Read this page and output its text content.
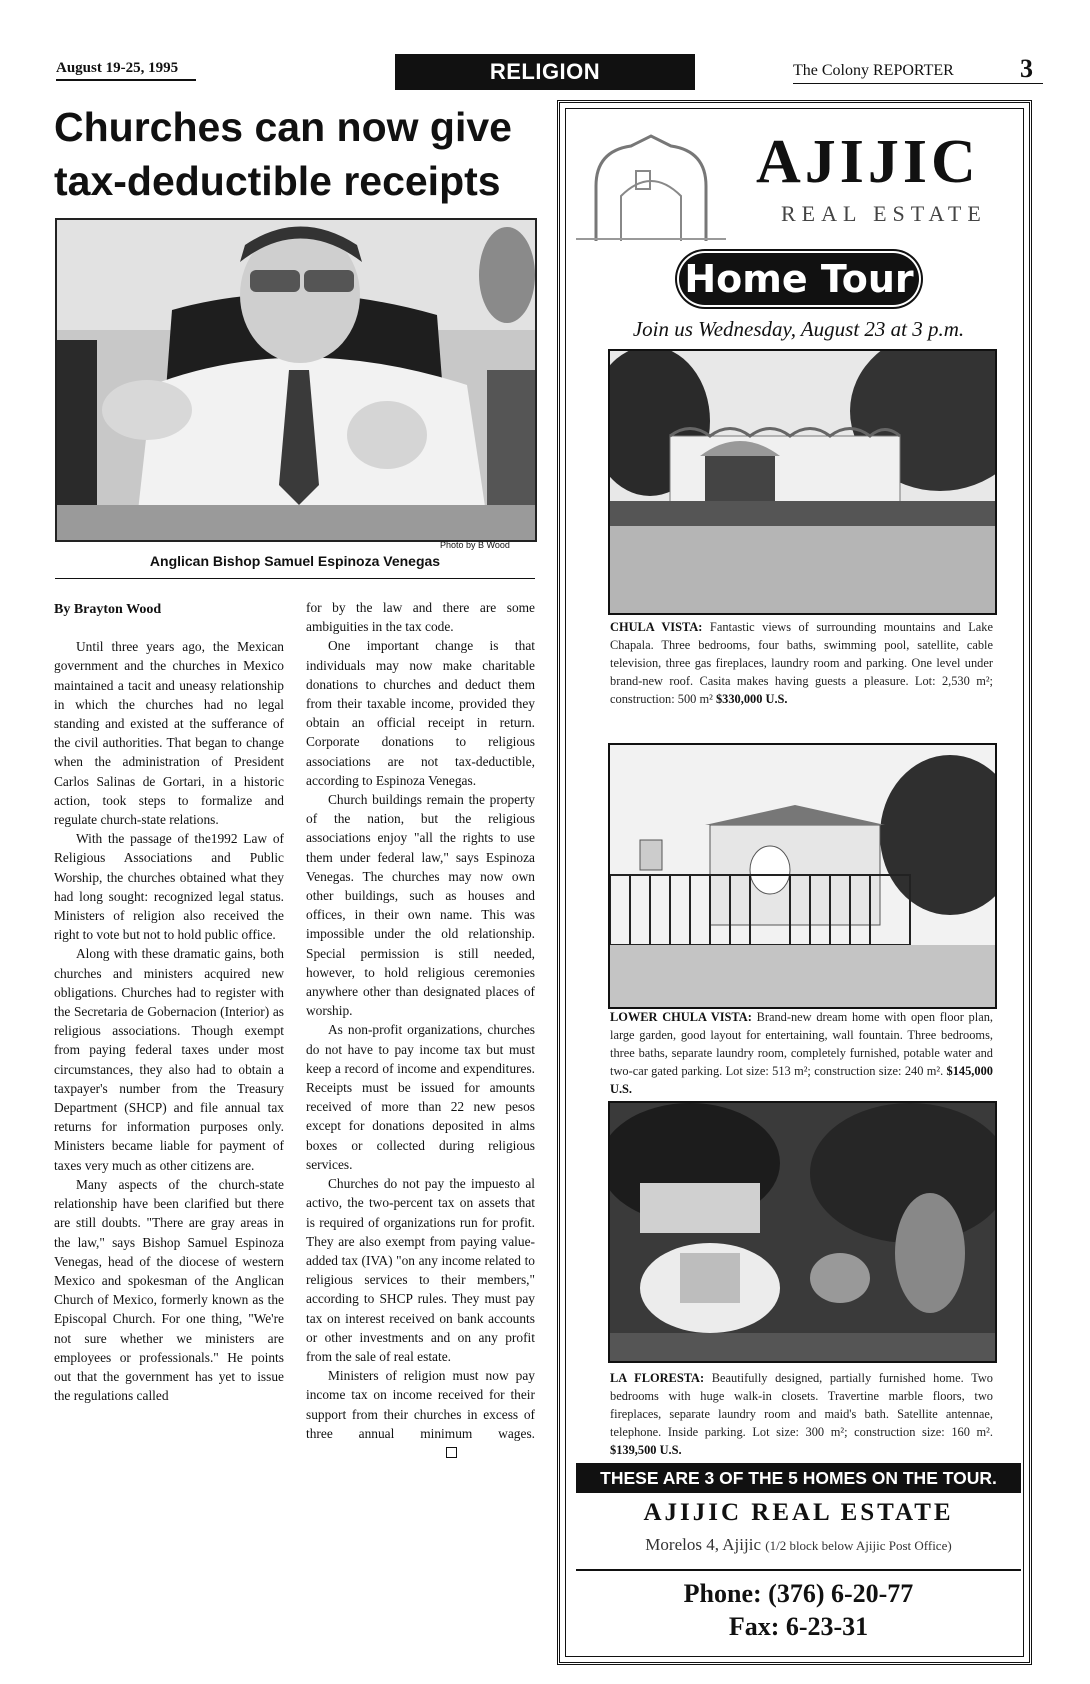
August 19-25, 1995	RELIGION	The Colony REPORTER	3
Churches can now give tax-deductible receipts
Photo by B Wood
Anglican Bishop Samuel Espinoza Venegas

By Brayton Wood

Until three years ago, the Mexican government and the churches in Mexico maintained a tacit and uneasy relationship in which the churches had no legal standing and existed at the sufferance of the civil authorities. That began to change when the administration of President Carlos Salinas de Gortari, in a historic action, took steps to formalize and regulate church-state relations.

With the passage of the1992 Law of Religious Associations and Public Worship, the churches obtained what they had long sought: recognized legal status. Ministers of religion also received the right to vote but not to hold public office.

Along with these dramatic gains, both churches and ministers acquired new obligations. Churches had to register with the Secretaria de Gobernacion (Interior) as religious associations. Though exempt from paying federal taxes under most circumstances, they also had to obtain a taxpayer's number from the Treasury Department (SHCP) and file annual tax returns for information purposes only. Ministers became liable for payment of taxes very much as other citizens are.

Many aspects of the church-state relationship have been clarified but there are still doubts. "There are gray areas in the law," says Bishop Samuel Espinoza Venegas, head of the diocese of western Mexico and spokesman of the Anglican Church of Mexico, formerly known as the Episcopal Church. For one thing, "We're not sure whether we ministers are employees or professionals." He points out that the government has yet to issue the regulations called

for by the law and there are some ambiguities in the tax code.

One important change is that individuals may now make charitable donations to churches and deduct them from their taxable income, provided they obtain an official receipt in return. Corporate donations to religious associations are not tax-deductible, according to Espinoza Venegas.

Church buildings remain the property of the nation, but the religious associations enjoy "all the rights to use them under federal law," says Espinoza Venegas. The churches may now own other buildings, such as houses and offices, in their own name. This was impossible under the old relationship. Special permission is still needed, however, to hold religious ceremonies anywhere other than designated places of worship.

As non-profit organizations, churches do not have to pay income tax but must keep a record of income and expenditures. Receipts must be issued for amounts received of more than 22 new pesos except for donations deposited in alms boxes or collected during religious services.

Churches do not pay the impuesto al activo, the two-percent tax on assets that is required of organizations run for profit. They are also exempt from paying value-added tax (IVA) "on any income related to religious services to their members," according to SHCP rules. They must pay tax on interest received on bank accounts or other investments and on any profit from the sale of real estate.

Ministers of religion must now pay income tax on income received for their support from their churches in excess of three annual minimum wages.

AJIJIC
REAL ESTATE
Home Tour
Join us Wednesday, August 23 at 3 p.m.
CHULA VISTA: Fantastic views of surrounding mountains and Lake Chapala. Three bedrooms, four baths, swimming pool, satellite, cable television, three gas fireplaces, laundry room and parking. One level under brand-new roof. Casita makes having guests a pleasure. Lot: 2,530 m²; construction: 500 m² $330,000 U.S.
LOWER CHULA VISTA: Brand-new dream home with open floor plan, large garden, good layout for entertaining, wall fountain. Three bedrooms, three baths, separate laundry room, completely furnished, potable water and two-car gated parking. Lot size: 513 m²; construction size: 240 m². $145,000 U.S.
LA FLORESTA: Beautifully designed, partially furnished home. Two bedrooms with huge walk-in closets. Travertine marble floors, two fireplaces, separate laundry room and maid's bath. Satellite antennae, telephone. Inside parking. Lot size: 300 m²; construction size: 160 m². $139,500 U.S.
THESE ARE 3 OF THE 5 HOMES ON THE TOUR.
AJIJIC REAL ESTATE
Morelos 4, Ajijic (1/2 block below Ajijic Post Office)
Phone: (376) 6-20-77
Fax: 6-23-31
